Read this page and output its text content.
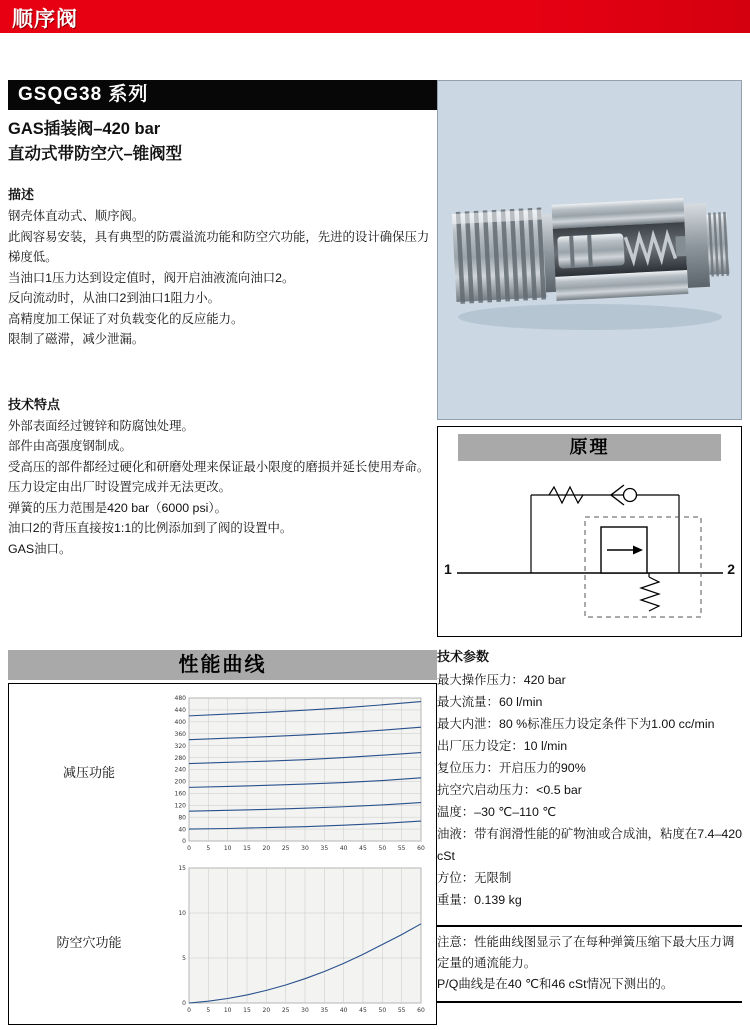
顺序阀
GSQG38 系列
GAS插装阀–420 bar
直动式带防空穴–锥阀型
描述

钢壳体直动式、顺序阀。

此阀容易安装，具有典型的防震溢流功能和防空穴功能，先进的设计确保压力梯度低。

当油口1压力达到设定值时，阀开启油液流向油口2。

反向流动时，从油口2到油口1阻力小。

高精度加工保证了对负载变化的反应能力。

限制了磁滞，减少泄漏。

技术特点

外部表面经过镀锌和防腐蚀处理。

部件由高强度钢制成。

受高压的部件都经过硬化和研磨处理来保证最小限度的磨损并延长使用寿命。

压力设定由出厂时设置完成并无法更改。

弹簧的压力范围是420 bar（6000 psi）。

油口2的背压直接按1:1的比例添加到了阀的设置中。

GAS油口。

原理
1	2
技术参数
最大操作压力：420 bar
最大流量：60 l/min
最大内泄：80 %标准压力设定条件下为1.00 cc/min
出厂压力设定：10 l/min
复位压力：开启压力的90%
抗空穴启动压力：<0.5 bar
温度：–30 ℃–110 ℃
油液：带有润滑性能的矿物油或合成油，粘度在7.4–420 cSt
方位：无限制
重量：0.139 kg
注意：性能曲线图显示了在每种弹簧压缩下最大压力调定量的通流能力。
P/Q曲线是在40 ℃和46 cSt情况下测出的。
性能曲线
减压功能
0	5 10 15 20 25 30 35 40 45 50 55 60
0
40
80
120
160
200
240
280
320
360
400
440
480
防空穴功能
0	5 10 15 20 25 30 35 40 45 50 55 60
0
5
10
15
